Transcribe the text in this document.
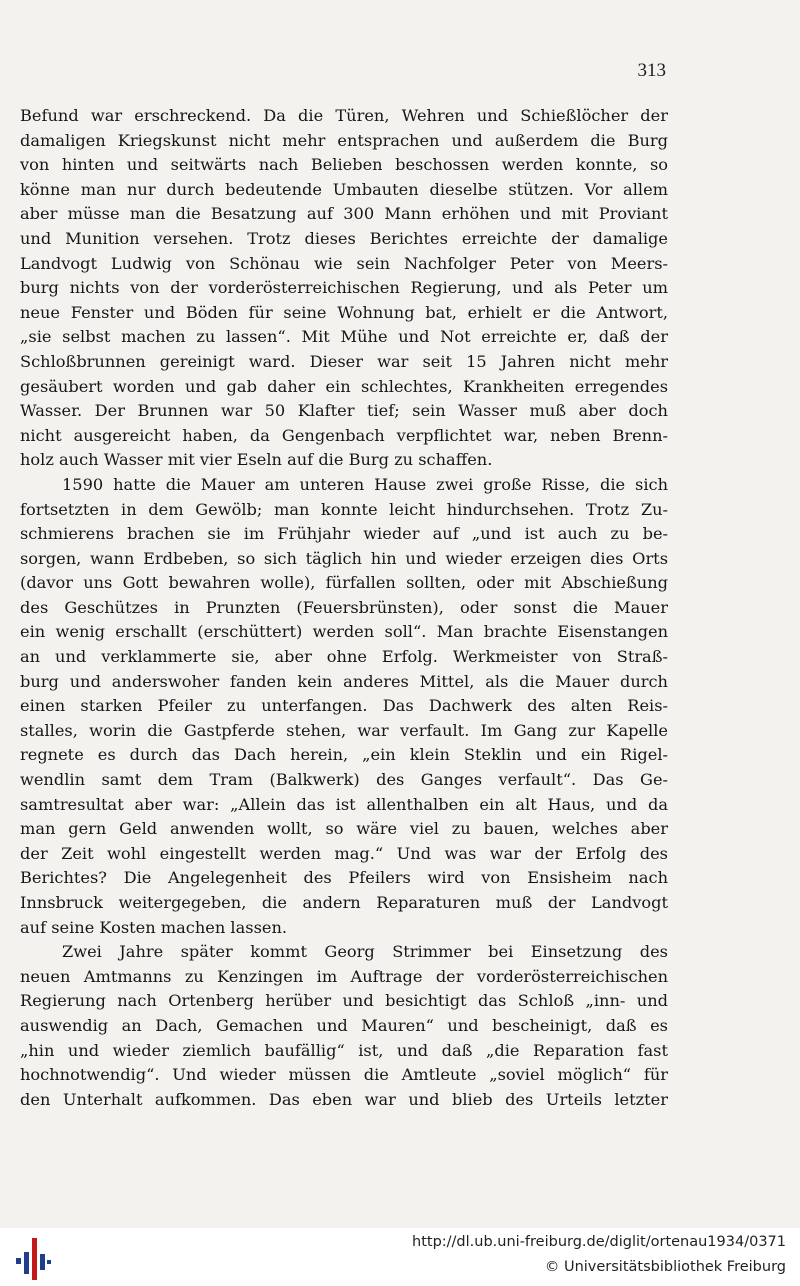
313
Befund war erschreckend. Da die Türen, Wehren und Schießlöcher der
damaligen Kriegskunst nicht mehr entsprachen und außerdem die Burg
von hinten und seitwärts nach Belieben beschossen werden konnte, so
könne man nur durch bedeutende Umbauten dieselbe stützen. Vor allem
aber müsse man die Besatzung auf 300 Mann erhöhen und mit Proviant
und Munition versehen. Trotz dieses Berichtes erreichte der damalige
Landvogt Ludwig von Schönau wie sein Nachfolger Peter von Meers-
burg nichts von der vorderösterreichischen Regierung, und als Peter um
neue Fenster und Böden für seine Wohnung bat, erhielt er die Antwort,
„sie selbst machen zu lassen“. Mit Mühe und Not erreichte er, daß der
Schloßbrunnen gereinigt ward. Dieser war seit 15 Jahren nicht mehr
gesäubert worden und gab daher ein schlechtes, Krankheiten erregendes
Wasser. Der Brunnen war 50 Klafter tief; sein Wasser muß aber doch
nicht ausgereicht haben, da Gengenbach verpflichtet war, neben Brenn-
holz auch Wasser mit vier Eseln auf die Burg zu schaffen.
1590 hatte die Mauer am unteren Hause zwei große Risse, die sich
fortsetzten in dem Gewölb; man konnte leicht hindurchsehen. Trotz Zu-
schmierens brachen sie im Frühjahr wieder auf „und ist auch zu be-
sorgen, wann Erdbeben, so sich täglich hin und wieder erzeigen dies Orts
(davor uns Gott bewahren wolle), fürfallen sollten, oder mit Abschießung
des Geschützes in Prunzten (Feuersbrünsten), oder sonst die Mauer
ein wenig erschallt (erschüttert) werden soll“. Man brachte Eisenstangen
an und verklammerte sie, aber ohne Erfolg. Werkmeister von Straß-
burg und anderswoher fanden kein anderes Mittel, als die Mauer durch
einen starken Pfeiler zu unterfangen. Das Dachwerk des alten Reis-
stalles, worin die Gastpferde stehen, war verfault. Im Gang zur Kapelle
regnete es durch das Dach herein, „ein klein Steklin und ein Rigel-
wendlin samt dem Tram (Balkwerk) des Ganges verfault“. Das Ge-
samtresultat aber war: „Allein das ist allenthalben ein alt Haus, und da
man gern Geld anwenden wollt, so wäre viel zu bauen, welches aber
der Zeit wohl eingestellt werden mag.“ Und was war der Erfolg des
Berichtes? Die Angelegenheit des Pfeilers wird von Ensisheim nach
Innsbruck weitergegeben, die andern Reparaturen muß der Landvogt
auf seine Kosten machen lassen.
Zwei Jahre später kommt Georg Strimmer bei Einsetzung des
neuen Amtmanns zu Kenzingen im Auftrage der vorderösterreichischen
Regierung nach Ortenberg herüber und besichtigt das Schloß „inn- und
auswendig an Dach, Gemachen und Mauren“ und bescheinigt, daß es
„hin und wieder ziemlich baufällig“ ist, und daß „die Reparation fast
hochnotwendig“. Und wieder müssen die Amtleute „soviel möglich“ für
den Unterhalt aufkommen. Das eben war und blieb des Urteils letzter
http://dl.ub.uni-freiburg.de/diglit/ortenau1934/0371
© Universitätsbibliothek Freiburg
